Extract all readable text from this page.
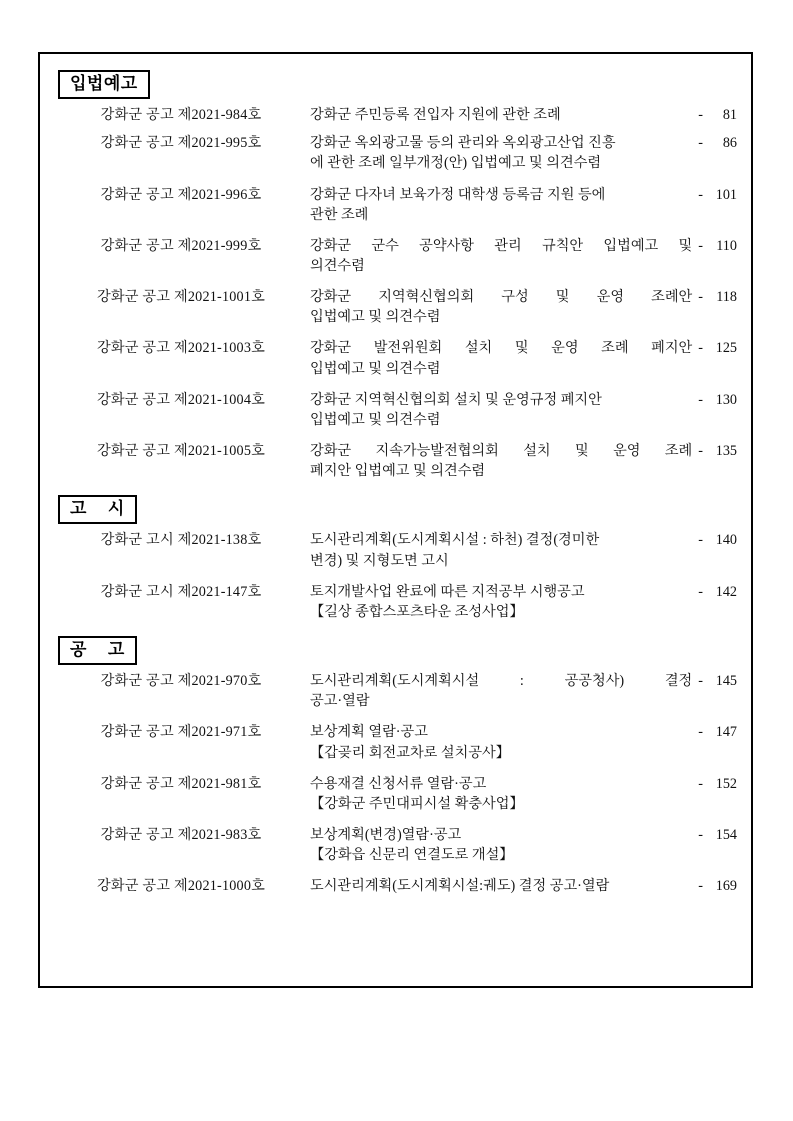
입법예고
강화군 공고 제2021-984호	강화군 주민등록 전입자 지원에 관한 조례	-	81
강화군 공고 제2021-995호	강화군 옥외광고물 등의 관리와 옥외광고산업 진흥	-	86
에 관한 조례 일부개정(안) 입법예고 및 의견수렴
강화군 공고 제2021-996호	강화군 다자녀 보육가정 대학생 등록금 지원 등에	- 101
관한 조례
강화군 공고 제2021-999호	강화군 군수 공약사항 관리 규칙안 입법예고 및 - 110
의견수렴
강화군 공고 제2021-1001호	강화군 지역혁신협의회 구성 및 운영 조례안 - 118
입법예고 및 의견수렴
강화군 공고 제2021-1003호	강화군 발전위원회 설치 및 운영 조례 폐지안 - 125
입법예고 및 의견수렴
강화군 공고 제2021-1004호	강화군 지역혁신협의회 설치 및 운영규정 폐지안	- 130
입법예고 및 의견수렴
강화군 공고 제2021-1005호	강화군 지속가능발전협의회 설치 및 운영 조례 - 135
폐지안 입법예고 및 의견수렴
고    시
강화군 고시 제2021-138호	도시관리계획(도시계획시설 : 하천) 결정(경미한	- 140
변경) 및 지형도면 고시
강화군 고시 제2021-147호	토지개발사업 완료에 따른 지적공부 시행공고	- 142
【길상 종합스포츠타운 조성사업】
공    고
강화군 공고 제2021-970호	도시관리계획(도시계획시설 : 공공청사) 결정 - 145
공고·열람
강화군 공고 제2021-971호	보상계획 열람·공고	- 147
【갑곶리 회전교차로 설치공사】
강화군 공고 제2021-981호	수용재결 신청서류 열람·공고	- 152
【강화군 주민대피시설 확충사업】
강화군 공고 제2021-983호	보상계획(변경)열람·공고	- 154
【강화읍 신문리 연결도로 개설】
강화군 공고 제2021-1000호	도시관리계획(도시계획시설:궤도) 결정 공고·열람	- 169
